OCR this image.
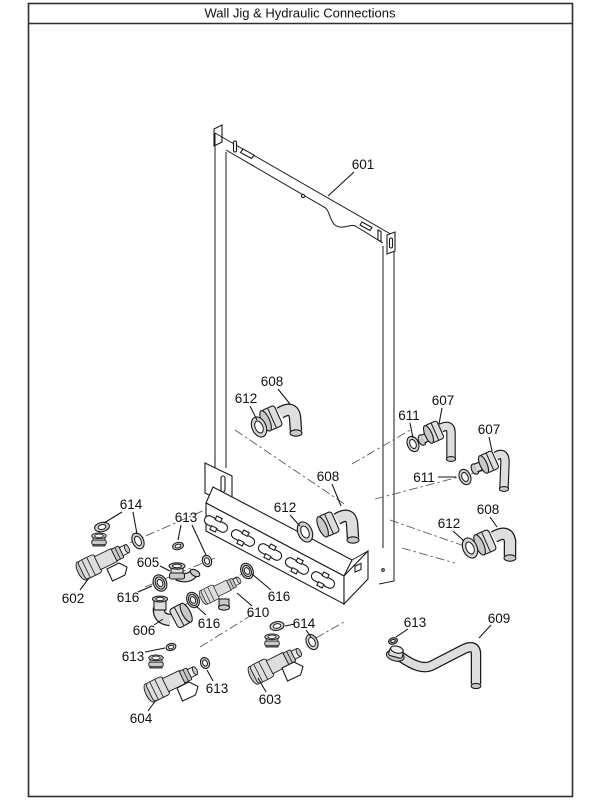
Wall Jig & Hydraulic Connections
601
608
612
611
607
607
611
608
612	608
612
614
613
602
605
616
606	616
610
616
614
613
613
604
603
613	609
